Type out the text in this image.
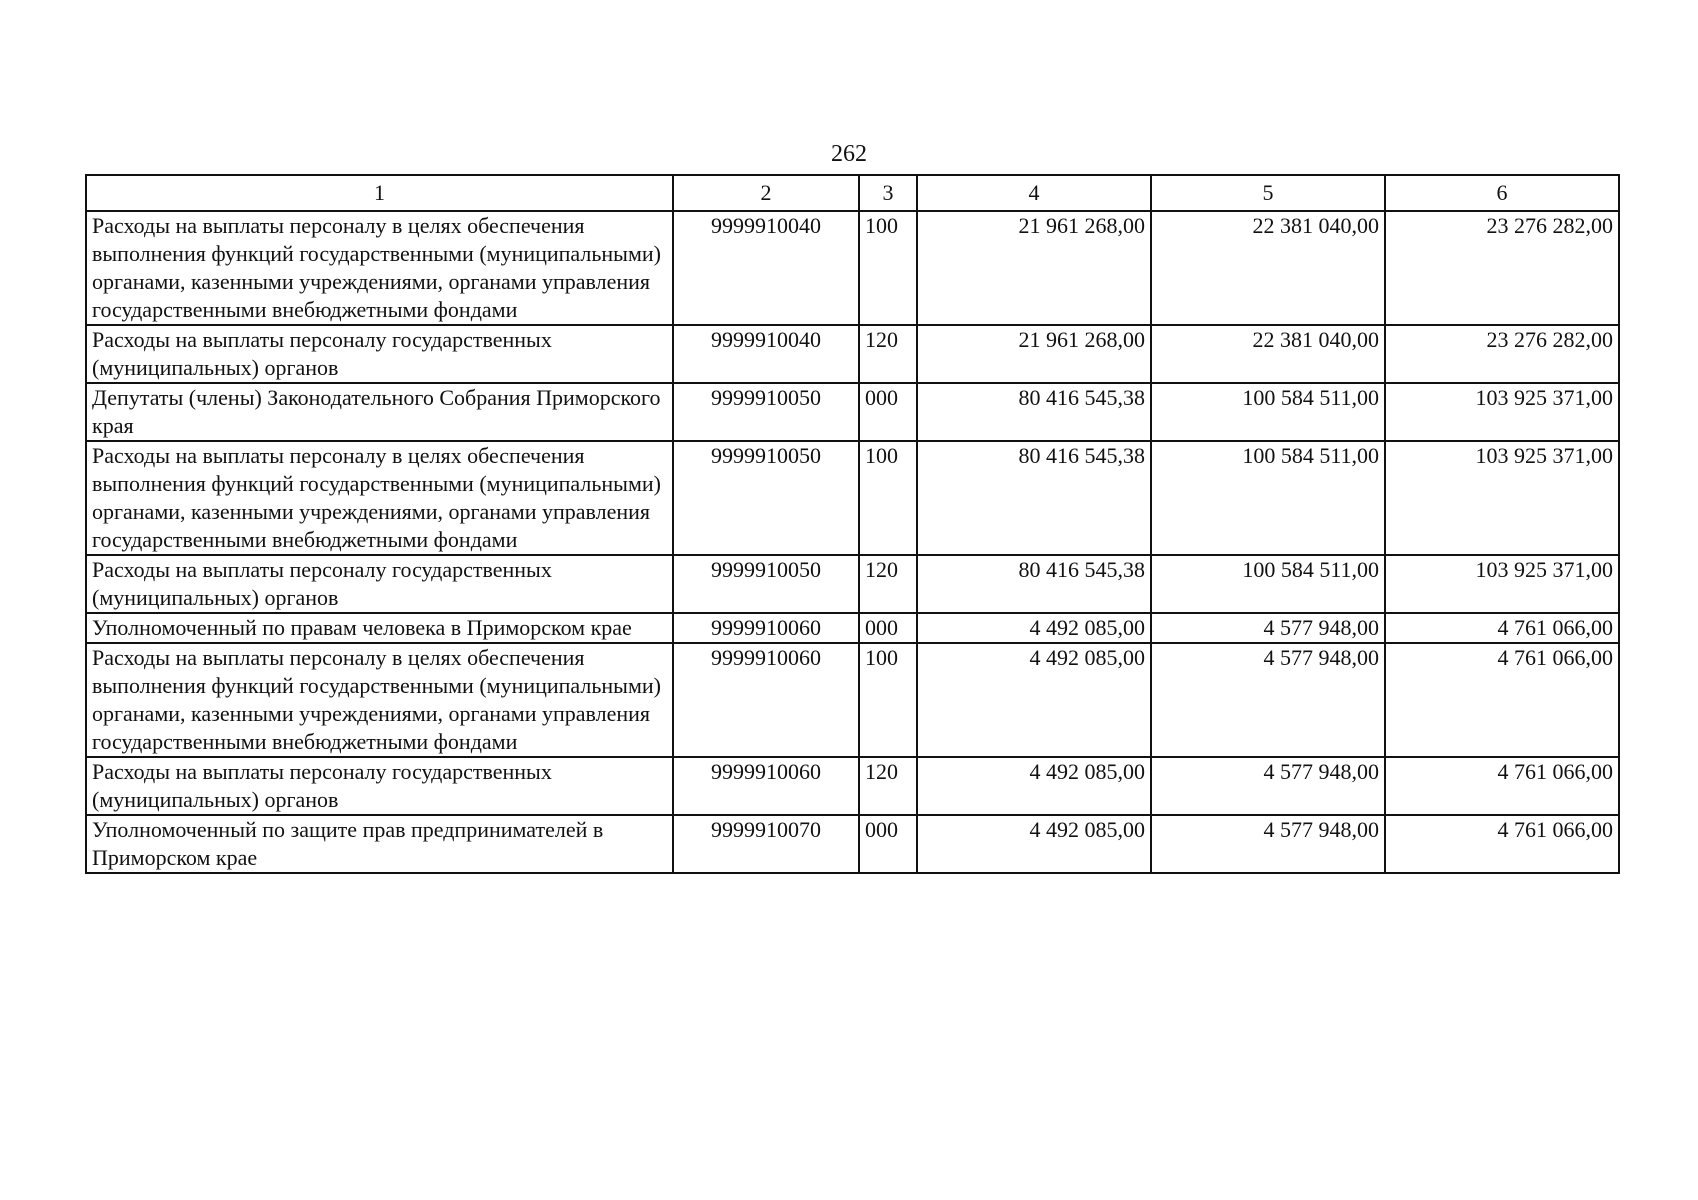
262
1	2	3	4	5	6
Расходы на выплаты персоналу в целях обеспечения выполнения функций государственными (муниципальными) органами, казенными учреждениями, органами управления государственными внебюджетными фондами	9999910040	100	21 961 268,00	22 381 040,00	23 276 282,00
Расходы на выплаты персоналу государственных (муниципальных) органов	9999910040	120	21 961 268,00	22 381 040,00	23 276 282,00
Депутаты (члены) Законодательного Собрания Приморского края	9999910050	000	80 416 545,38	100 584 511,00	103 925 371,00
Расходы на выплаты персоналу в целях обеспечения выполнения функций государственными (муниципальными) органами, казенными учреждениями, органами управления государственными внебюджетными фондами	9999910050	100	80 416 545,38	100 584 511,00	103 925 371,00
Расходы на выплаты персоналу государственных (муниципальных) органов	9999910050	120	80 416 545,38	100 584 511,00	103 925 371,00
Уполномоченный по правам человека в Приморском крае	9999910060	000	4 492 085,00	4 577 948,00	4 761 066,00
Расходы на выплаты персоналу в целях обеспечения выполнения функций государственными (муниципальными) органами, казенными учреждениями, органами управления государственными внебюджетными фондами	9999910060	100	4 492 085,00	4 577 948,00	4 761 066,00
Расходы на выплаты персоналу государственных (муниципальных) органов	9999910060	120	4 492 085,00	4 577 948,00	4 761 066,00
Уполномоченный по защите прав предпринимателей в Приморском крае	9999910070	000	4 492 085,00	4 577 948,00	4 761 066,00
